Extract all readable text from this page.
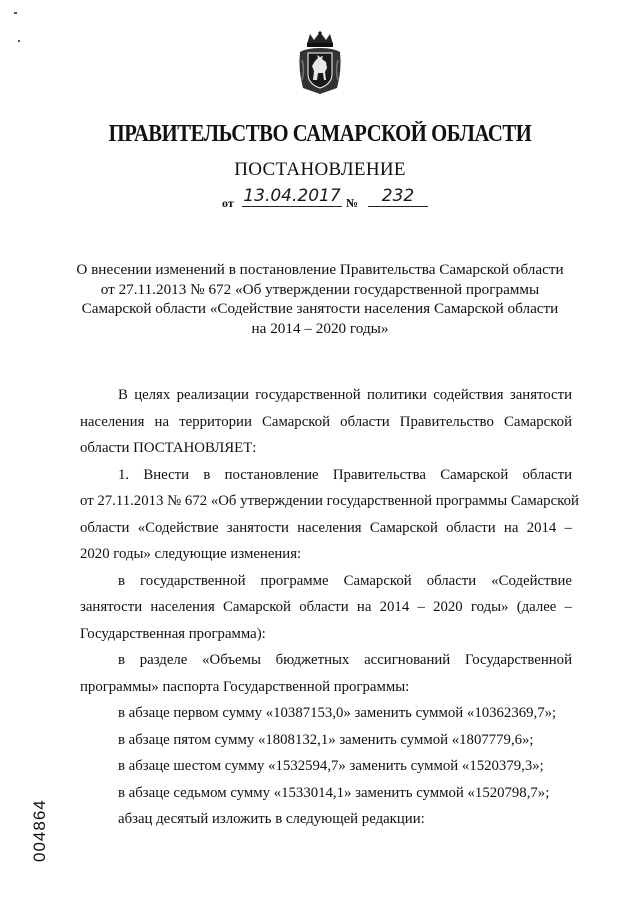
ПРАВИТЕЛЬСТВО САМАРСКОЙ ОБЛАСТИ
ПОСТАНОВЛЕНИЕ
от 13.04.2017 №	232
О внесении изменений в постановление Правительства Самарской области
от 27.11.2013 № 672 «Об утверждении государственной программы
Самарской области «Содействие занятости населения Самарской области
на 2014 – 2020 годы»
В целях реализации государственной политики содействия занятости
населения на территории Самарской области Правительство Самарской
области ПОСТАНОВЛЯЕТ:
1. Внести в постановление Правительства Самарской области
от 27.11.2013 № 672 «Об утверждении государственной программы Самарской
области «Содействие занятости населения Самарской области на 2014 –
2020 годы» следующие изменения:
в государственной программе Самарской области «Содействие
занятости населения Самарской области на 2014 – 2020 годы» (далее –
Государственная программа):
в разделе «Объемы бюджетных ассигнований Государственной
программы» паспорта Государственной программы:
в абзаце первом сумму «10387153,0» заменить суммой «10362369,7»;
в абзаце пятом сумму «1808132,1» заменить суммой «1807779,6»;
в абзаце шестом сумму «1532594,7» заменить суммой «1520379,3»;
в абзаце седьмом сумму «1533014,1» заменить суммой «1520798,7»;
абзац десятый изложить в следующей редакции:
004864
